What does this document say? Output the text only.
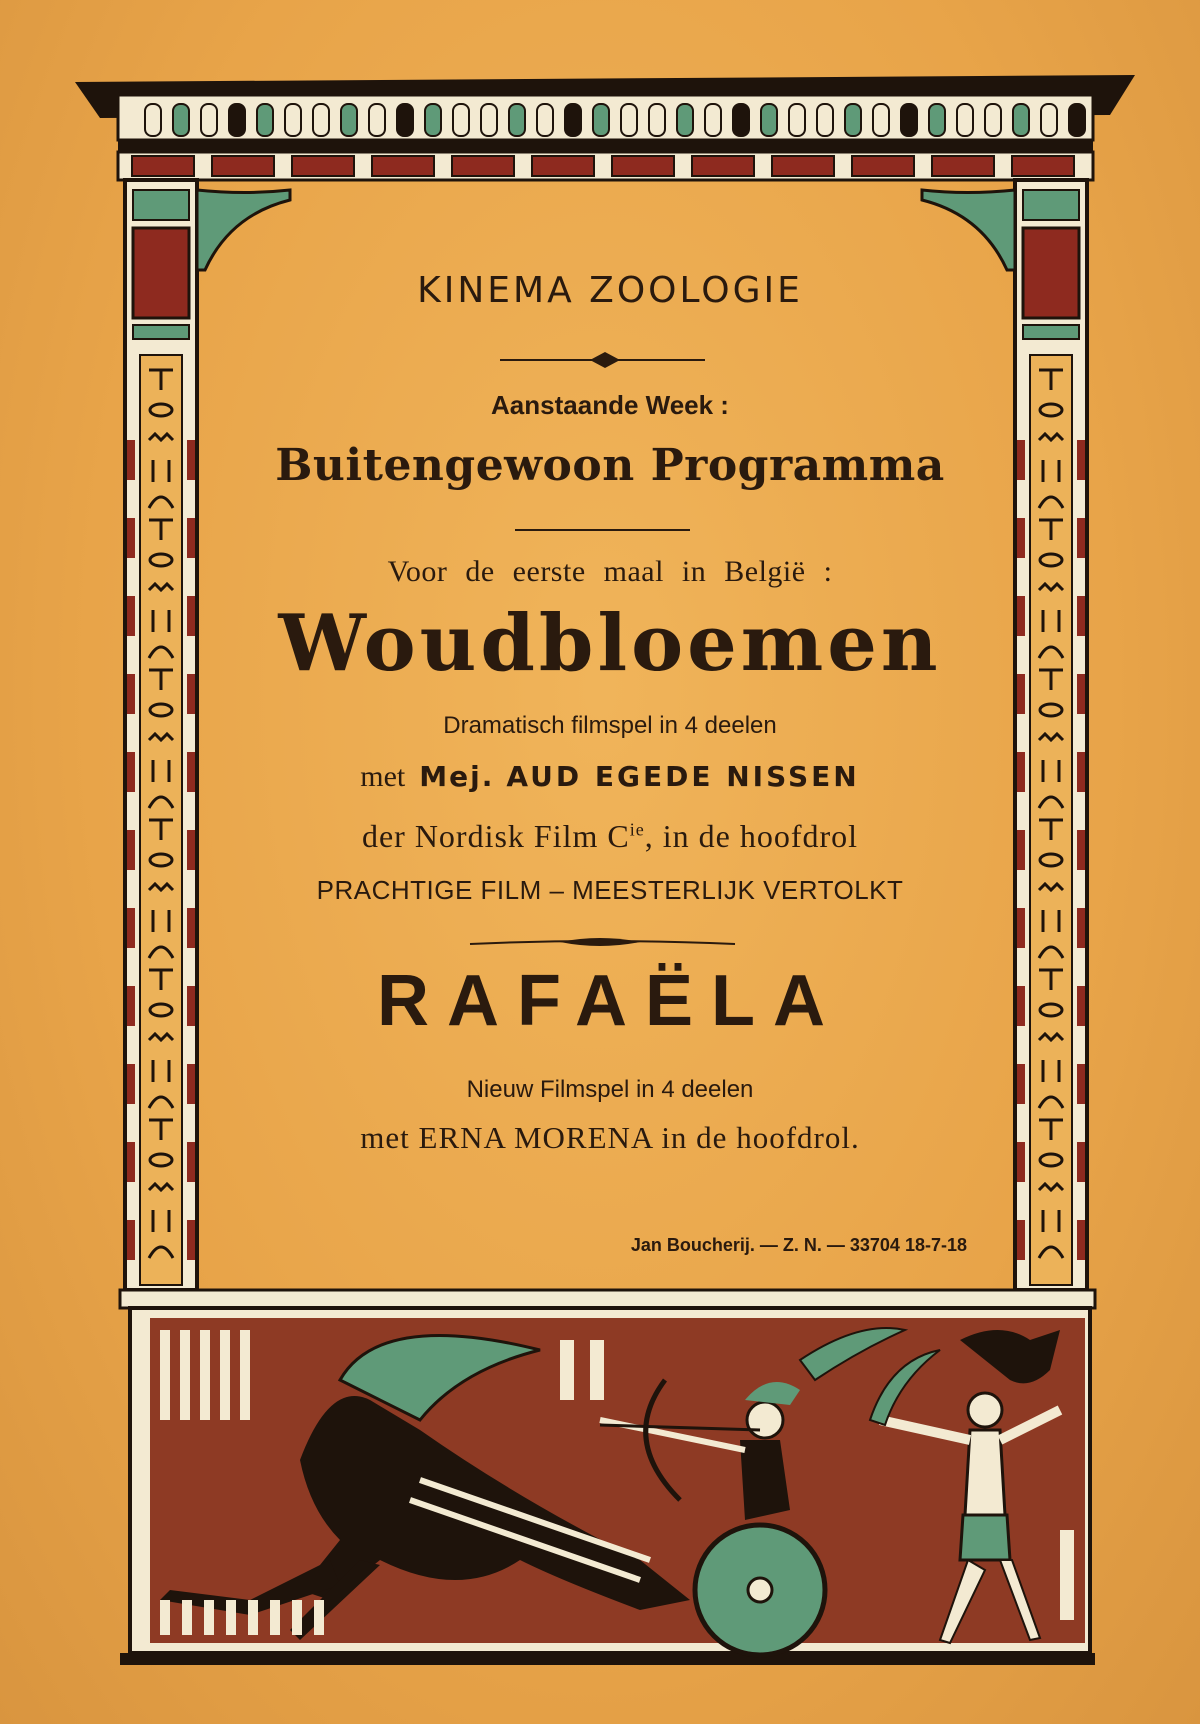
KINEMA ZOOLOGIE
Aanstaande Week :
Buitengewoon Programma
Voor de eerste maal in België :
Woudbloemen
Dramatisch filmspel in 4 deelen
met Mej. AUD EGEDE NISSEN
der Nordisk Film $C^{ie}$, in de hoofdrol
PRACHTIGE FILM – MEESTERLIJK VERTOLKT
RAFAËLA
Nieuw Filmspel in 4 deelen
met ERNA MORENA in de hoofdrol.
Jan Boucherij. — Z. N. — 33704 18-7-18
